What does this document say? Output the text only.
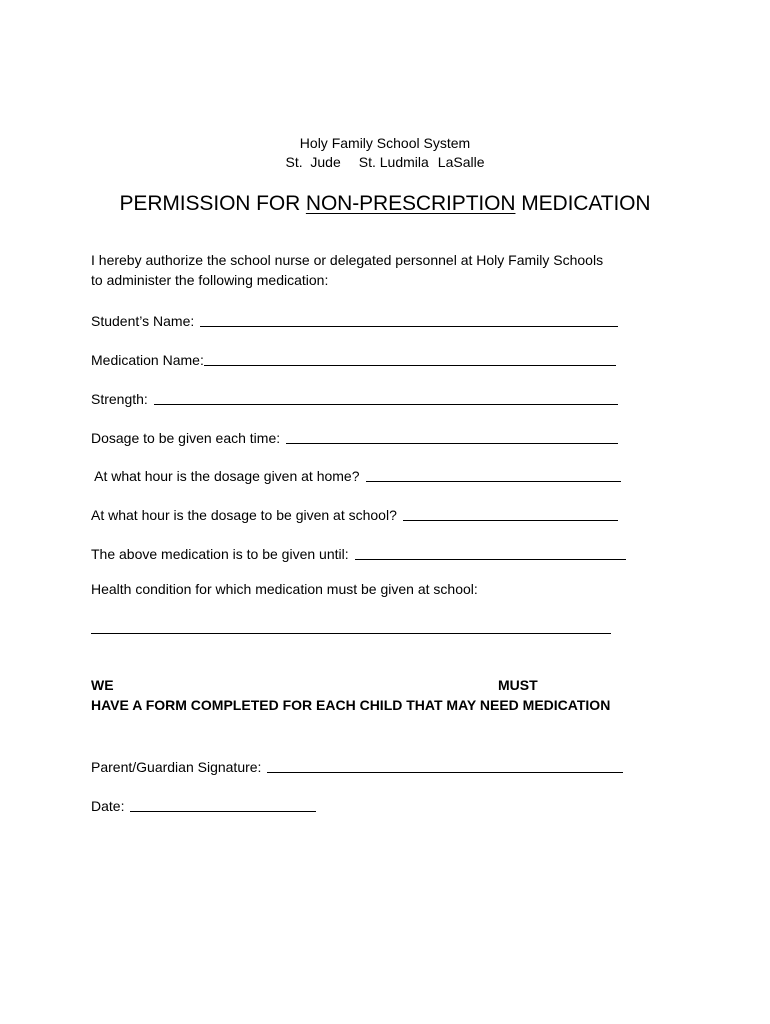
Holy Family School System
St.  Jude St. Ludmila LaSalle
PERMISSION FOR NON-PRESCRIPTION MEDICATION
I hereby authorize the school nurse or delegated personnel at Holy Family Schools
to administer the following medication:
Student’s Name:
Medication Name:
Strength:
Dosage to be given each time:
At what hour is the dosage given at home?
At what hour is the dosage to be given at school?
The above medication is to be given until:
Health condition for which medication must be given at school:
WE	MUST
HAVE A FORM COMPLETED FOR EACH CHILD THAT MAY NEED MEDICATION
Parent/Guardian Signature:
Date:
